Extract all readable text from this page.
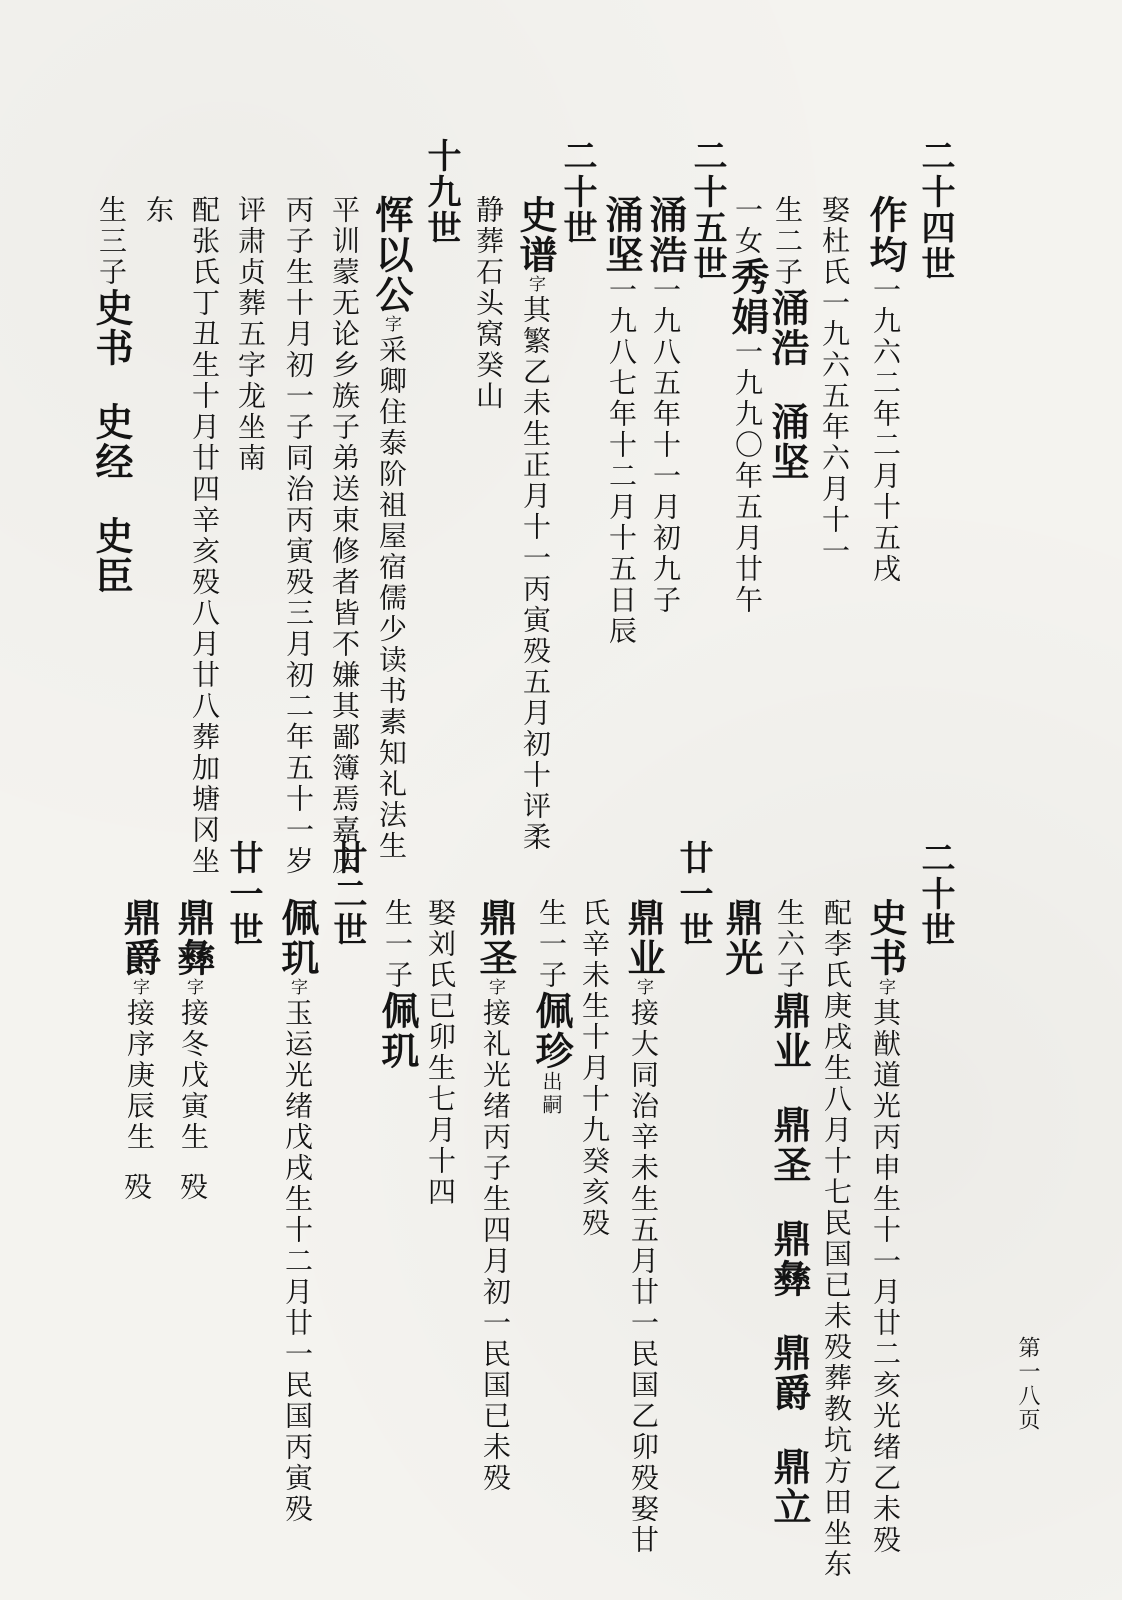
二十四世
作均一九六二年二月十五戌
娶杜氏一九六五年六月十一
生二子涌浩涌坚
一女秀娟一九九〇年五月廿午
二十五世
涌浩一九八五年十一月初九子
涌坚一九八七年十二月十五日辰
二十世
史谱字其繁乙未生正月十一丙寅殁五月初十评柔
静葬石头窝癸山
十九世
恽以公字采卿住泰阶祖屋宿儒少读书素知礼法生
平训蒙无论乡族子弟送束修者皆不嫌其鄙簿焉嘉庆
丙子生十月初一子同治丙寅殁三月初二年五十一岁
评肃贞葬五字龙坐南
配张氏丁丑生十月廿四辛亥殁八月廿八葬加塘冈坐
东
生三子史书史经史臣
二十世
史书字其猷道光丙申生十一月廿二亥光绪乙未殁
配李氏庚戌生八月十七民国已未殁葬教坑方田坐东
生六子鼎业鼎圣鼎彝鼎爵鼎立
鼎光
廿一世
鼎业字接大同治辛未生五月廿一民国乙卯殁娶甘
氏辛未生十月十九癸亥殁
生一子佩珍出嗣
鼎圣字接礼光绪丙子生四月初一民国已未殁
娶刘氏已卯生七月十四
生一子佩玑
廿二世
佩玑字玉运光绪戊戌生十二月廿一民国丙寅殁
廿一世
鼎彝字接冬戊寅生
殁
鼎爵字接序庚辰生
殁
第一八页
